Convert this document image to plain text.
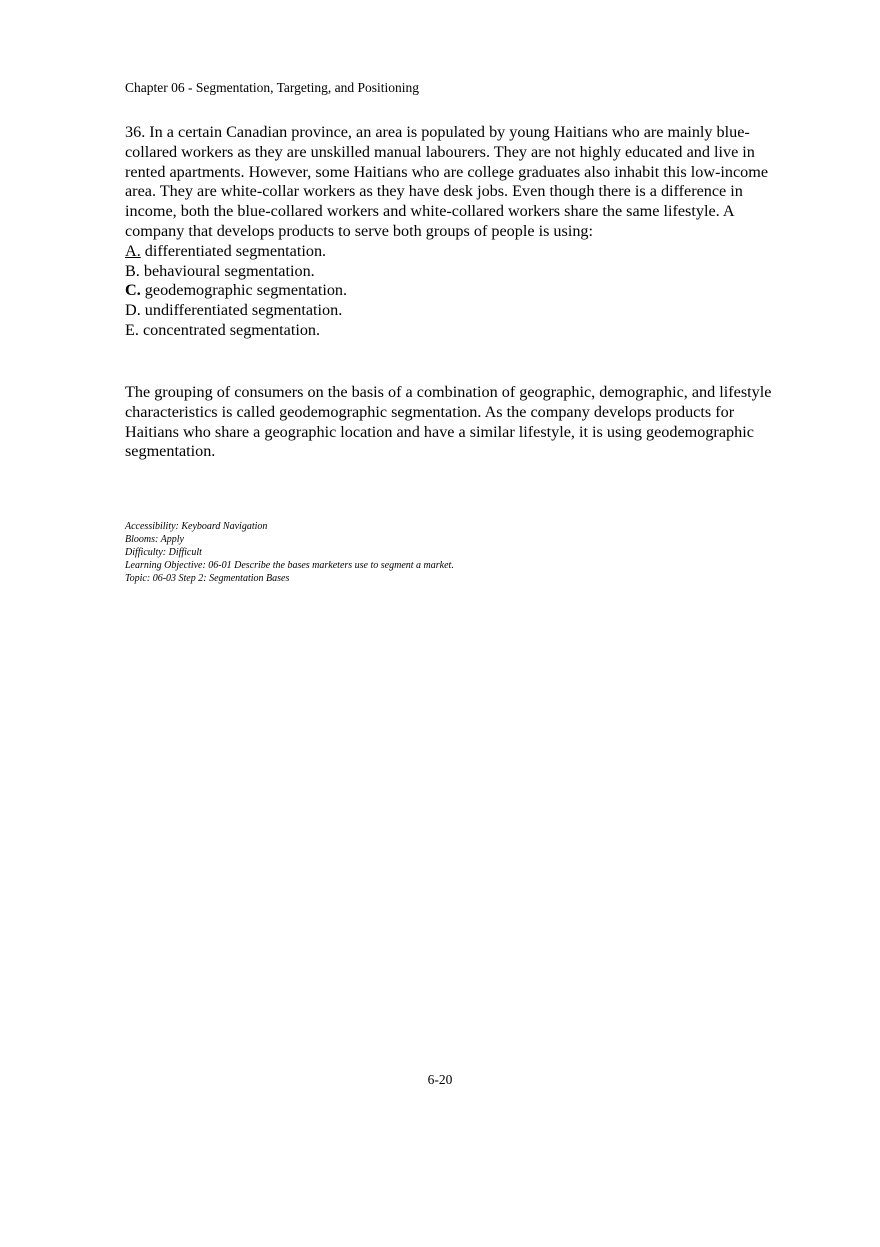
Chapter 06 - Segmentation, Targeting, and Positioning

36. In a certain Canadian province, an area is populated by young Haitians who are mainly blue-collared workers as they are unskilled manual labourers. They are not highly educated and live in rented apartments. However, some Haitians who are college graduates also inhabit this low-income area. They are white-collar workers as they have desk jobs. Even though there is a difference in income, both the blue-collared workers and white-collared workers share the same lifestyle. A company that develops products to serve both groups of people is using:

A. differentiated segmentation.
B. behavioural segmentation.
C. geodemographic segmentation.
D. undifferentiated segmentation.
E. concentrated segmentation.

The grouping of consumers on the basis of a combination of geographic, demographic, and lifestyle characteristics is called geodemographic segmentation. As the company develops products for Haitians who share a geographic location and have a similar lifestyle, it is using geodemographic segmentation.

Accessibility: Keyboard Navigation
Blooms: Apply
Difficulty: Difficult
Learning Objective: 06-01 Describe the bases marketers use to segment a market.
Topic: 06-03 Step 2: Segmentation Bases
6-20
